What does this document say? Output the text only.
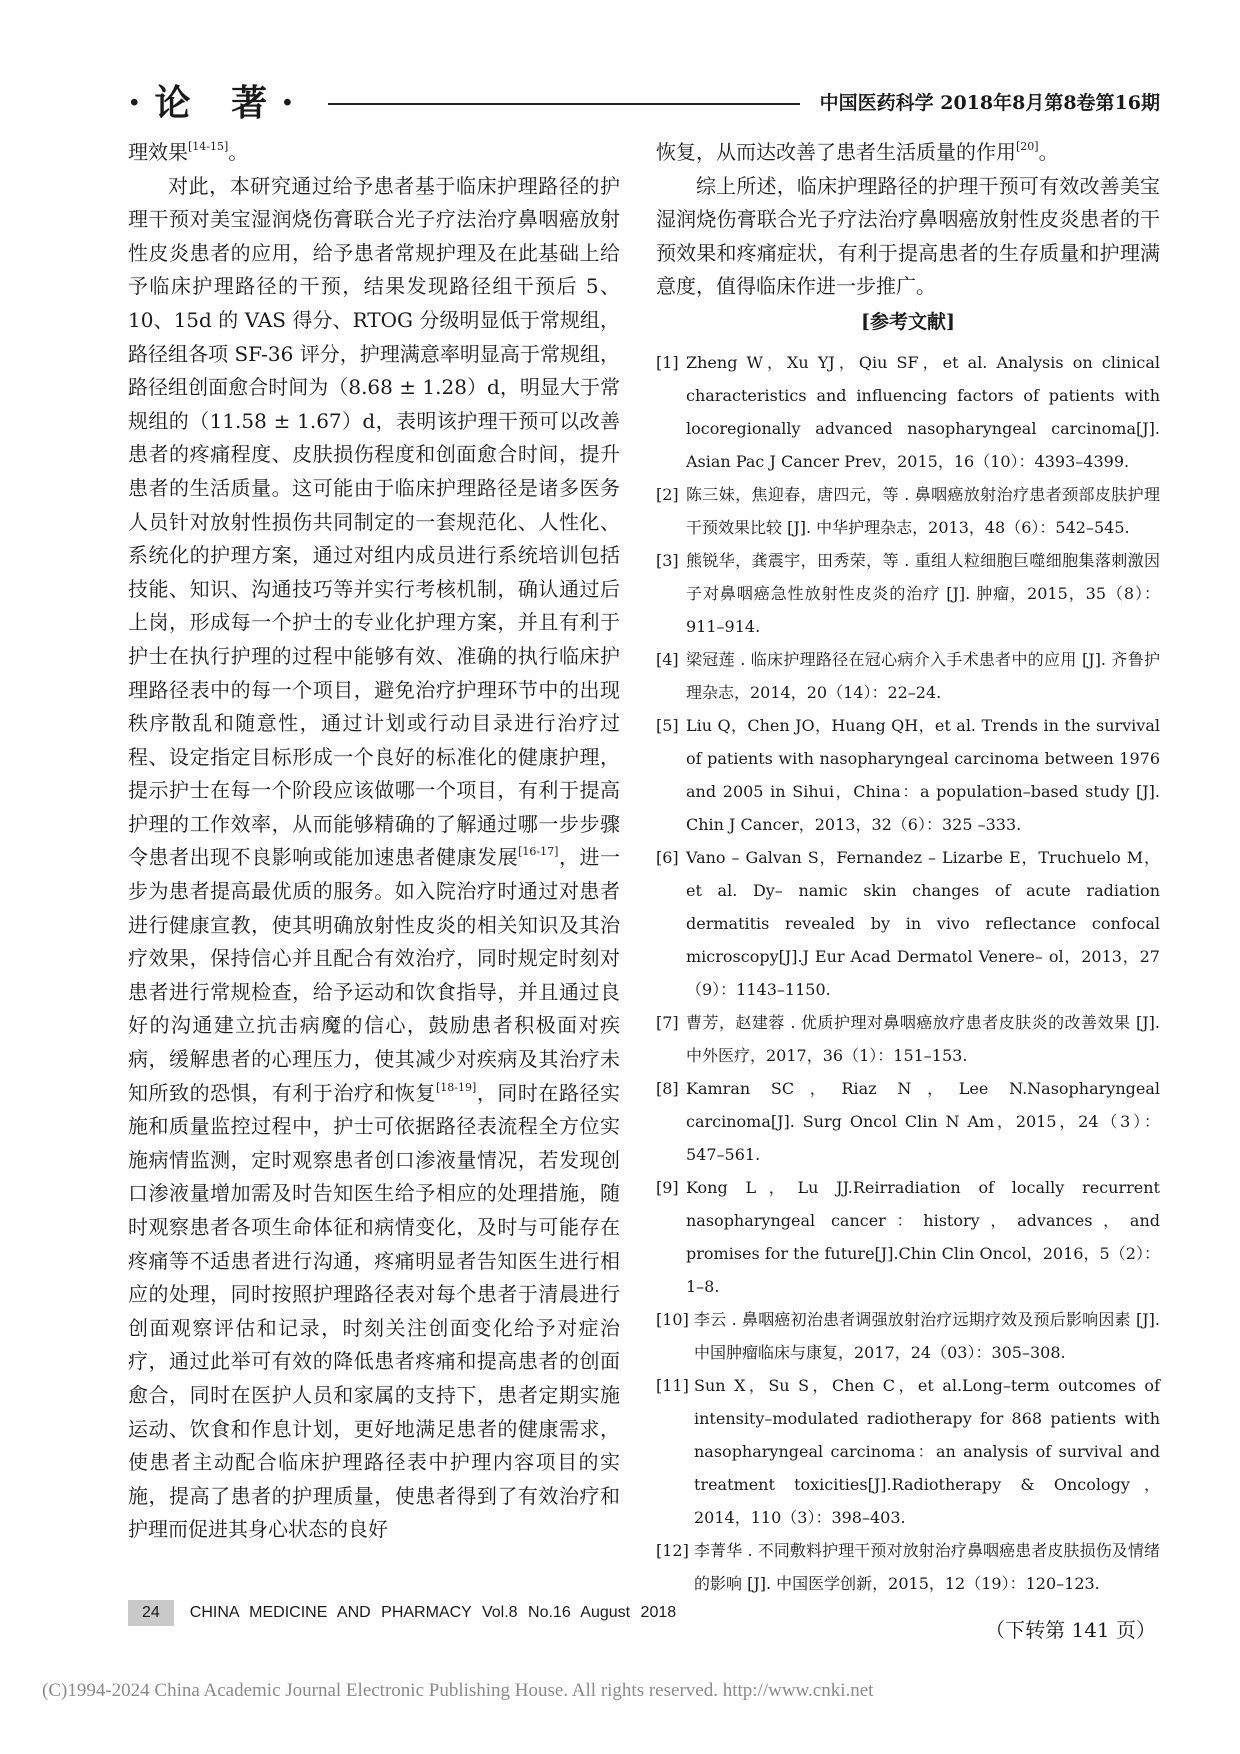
·论 著·	中国医药科学 2018年8月第8卷第16期

理效果[14-15]。

对此，本研究通过给予患者基于临床护理路径的护理干预对美宝湿润烧伤膏联合光子疗法治疗鼻咽癌放射性皮炎患者的应用，给予患者常规护理及在此基础上给予临床护理路径的干预，结果发现路径组干预后 5、10、15d 的 VAS 得分、RTOG 分级明显低于常规组，路径组各项 SF-36 评分，护理满意率明显高于常规组，路径组创面愈合时间为（8.68 ± 1.28）d，明显大于常规组的（11.58 ± 1.67）d，表明该护理干预可以改善患者的疼痛程度、皮肤损伤程度和创面愈合时间，提升患者的生活质量。这可能由于临床护理路径是诸多医务人员针对放射性损伤共同制定的一套规范化、人性化、系统化的护理方案，通过对组内成员进行系统培训包括技能、知识、沟通技巧等并实行考核机制，确认通过后上岗，形成每一个护士的专业化护理方案，并且有利于护士在执行护理的过程中能够有效、准确的执行临床护理路径表中的每一个项目，避免治疗护理环节中的出现秩序散乱和随意性，通过计划或行动目录进行治疗过程、设定指定目标形成一个良好的标准化的健康护理，提示护士在每一个阶段应该做哪一个项目，有利于提高护理的工作效率，从而能够精确的了解通过哪一步步骤令患者出现不良影响或能加速患者健康发展[16-17]，进一步为患者提高最优质的服务。如入院治疗时通过对患者进行健康宣教，使其明确放射性皮炎的相关知识及其治疗效果，保持信心并且配合有效治疗，同时规定时刻对患者进行常规检查，给予运动和饮食指导，并且通过良好的沟通建立抗击病魔的信心，鼓励患者积极面对疾病，缓解患者的心理压力，使其减少对疾病及其治疗未知所致的恐惧，有利于治疗和恢复[18-19]，同时在路径实施和质量监控过程中，护士可依据路径表流程全方位实施病情监测，定时观察患者创口渗液量情况，若发现创口渗液量增加需及时告知医生给予相应的处理措施，随时观察患者各项生命体征和病情变化，及时与可能存在疼痛等不适患者进行沟通，疼痛明显者告知医生进行相应的处理，同时按照护理路径表对每个患者于清晨进行创面观察评估和记录，时刻关注创面变化给予对症治疗，通过此举可有效的降低患者疼痛和提高患者的创面愈合，同时在医护人员和家属的支持下，患者定期实施运动、饮食和作息计划，更好地满足患者的健康需求，使患者主动配合临床护理路径表中护理内容项目的实施，提高了患者的护理质量，使患者得到了有效治疗和护理而促进其身心状态的良好

恢复，从而达改善了患者生活质量的作用[20]。

综上所述，临床护理路径的护理干预可有效改善美宝湿润烧伤膏联合光子疗法治疗鼻咽癌放射性皮炎患者的干预效果和疼痛症状，有利于提高患者的生存质量和护理满意度，值得临床作进一步推广。

[参考文献]

[1] Zheng W，Xu YJ，Qiu SF，et al. Analysis on clinical characteristics and influencing factors of patients with locoregionally advanced nasopharyngeal carcinoma[J]. Asian Pac J Cancer Prev，2015，16（10）：4393–4399.

[2] 陈三妹，焦迎春，唐四元，等 . 鼻咽癌放射治疗患者颈部皮肤护理干预效果比较 [J]. 中华护理杂志，2013，48（6）：542–545.

[3] 熊锐华，龚震宇，田秀荣，等 . 重组人粒细胞巨噬细胞集落刺激因子对鼻咽癌急性放射性皮炎的治疗 [J]. 肿瘤，2015，35（8）：911–914.

[4] 梁冠莲 . 临床护理路径在冠心病介入手术患者中的应用 [J]. 齐鲁护理杂志，2014，20（14）：22–24.

[5] Liu Q，Chen JO，Huang QH，et al. Trends in the survival of patients with nasopharyngeal carcinoma between 1976 and 2005 in Sihui，China：a population–based study [J]. Chin J Cancer，2013，32（6）：325 –333.

[6] Vano – Galvan S，Fernandez – Lizarbe E，Truchuelo M，et al. Dy– namic skin changes of acute radiation dermatitis revealed by in vivo reflectance confocal microscopy[J].J Eur Acad Dermatol Venere– ol，2013，27（9）：1143–1150.

[7] 曹芳，赵建蓉 . 优质护理对鼻咽癌放疗患者皮肤炎的改善效果 [J]. 中外医疗，2017，36（1）：151–153.

[8] Kamran SC，Riaz N，Lee N.Nasopharyngeal carcinoma[J]. Surg Oncol Clin N Am，2015，24（3）：547–561.

[9] Kong L，Lu JJ.Reirradiation of locally recurrent nasopharyngeal cancer：history，advances，and promises for the future[J].Chin Clin Oncol，2016，5（2）：1–8.

[10] 李云 . 鼻咽癌初治患者调强放射治疗远期疗效及预后影响因素 [J]. 中国肿瘤临床与康复，2017，24（03）：305–308.

[11] Sun X，Su S，Chen C，et al.Long–term outcomes of intensity–modulated radiotherapy for 868 patients with nasopharyngeal carcinoma：an analysis of survival and treatment toxicities[J].Radiotherapy & Oncology，2014，110（3）：398–403.

[12] 李菁华 . 不同敷料护理干预对放射治疗鼻咽癌患者皮肤损伤及情绪的影响 [J]. 中国医学创新，2015，12（19）：120–123.

（下转第 141 页）
24 CHINA MEDICINE AND PHARMACY Vol.8 No.16 August 2018
(C)1994-2024 China Academic Journal Electronic Publishing House. All rights reserved. http://www.cnki.net
